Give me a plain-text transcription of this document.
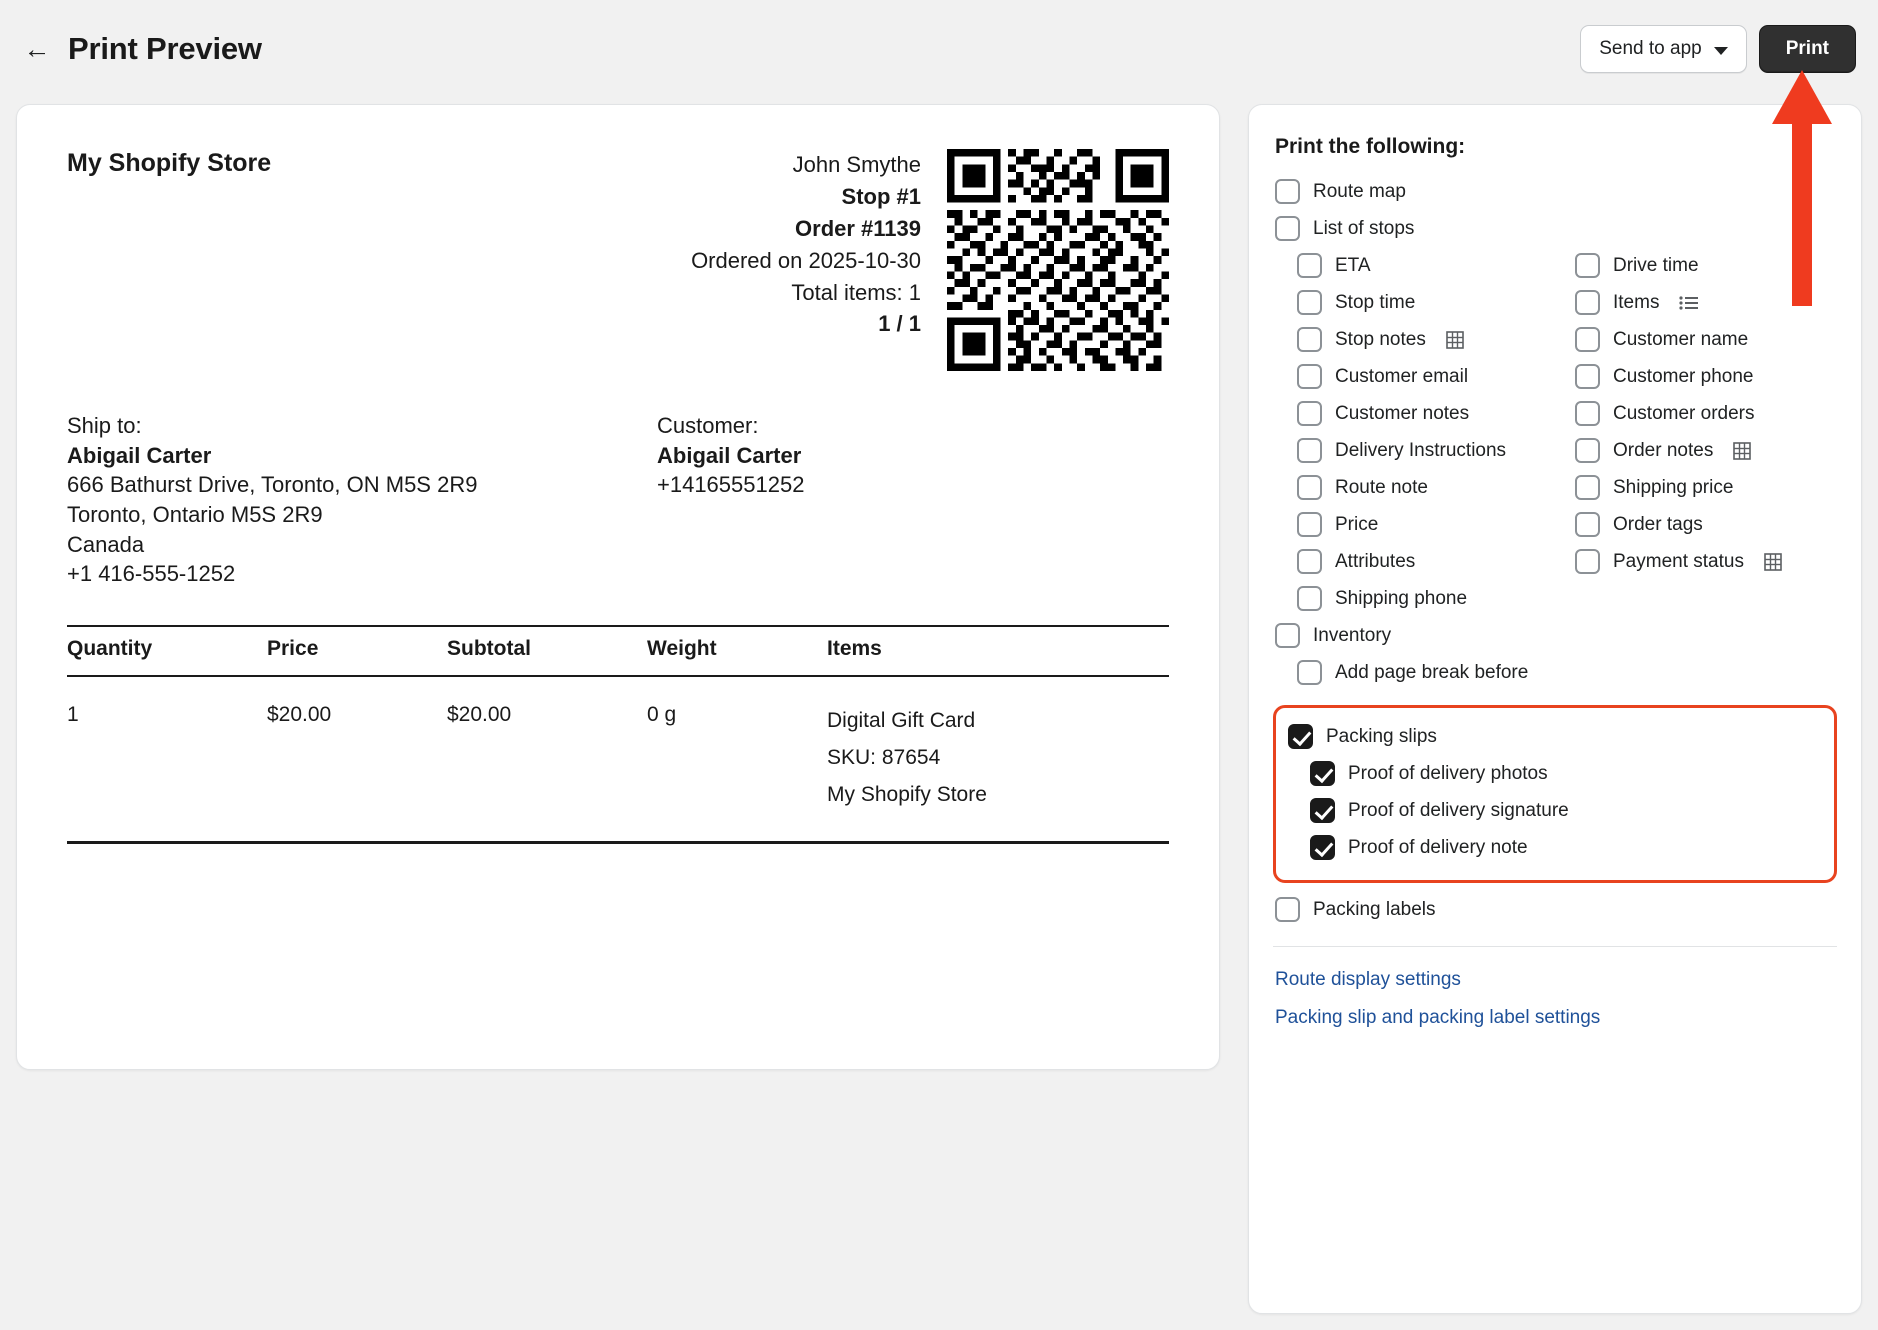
← Print Preview	Send to app	Print
My Shopify Store	John Smythe
Stop #1
Order #1139
Ordered on 2025-10-30
Total items: 1
1 / 1
Ship to:
Abigail Carter
666 Bathurst Drive, Toronto, ON M5S 2R9
Toronto, Ontario M5S 2R9
Canada
+1 416-555-1252
Customer:
Abigail Carter
+14165551252
Quantity	Price	Subtotal	Weight	Items
1	$20.00	$20.00	0 g	Digital Gift Card
SKU: 87654
My Shopify Store
Print the following:
Route map
List of stops
ETA	Drive time
Stop time	Items
Stop notes	Customer name
Customer email	Customer phone
Customer notes	Customer orders
Delivery Instructions	Order notes
Route note	Shipping price
Price	Order tags
Attributes	Payment status
Shipping phone
Inventory
Add page break before
Packing slips
Proof of delivery photos
Proof of delivery signature
Proof of delivery note
Packing labels
Route display settings
Packing slip and packing label settings
